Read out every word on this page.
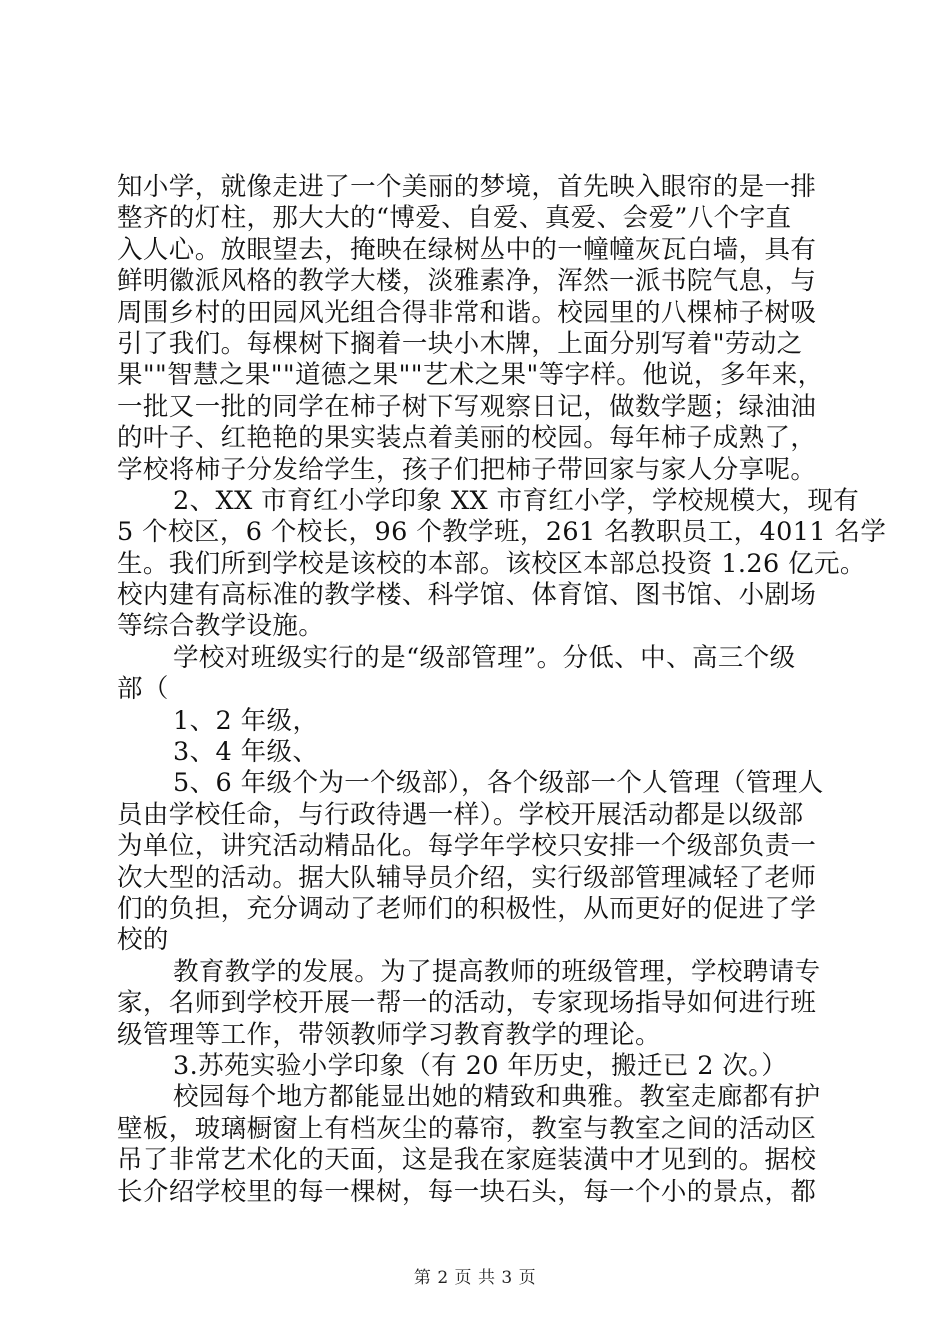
知小学，就像走进了一个美丽的梦境，首先映入眼帘的是一排
整齐的灯柱，那大大的“博爱、自爱、真爱、会爱”八个字直
入人心。放眼望去，掩映在绿树丛中的一幢幢灰瓦白墙，具有
鲜明徽派风格的教学大楼，淡雅素净，浑然一派书院气息，与
周围乡村的田园风光组合得非常和谐。校园里的八棵柿子树吸
引了我们。每棵树下搁着一块小木牌，上面分别写着"劳动之
果""智慧之果""道德之果""艺术之果"等字样。他说，多年来，
一批又一批的同学在柿子树下写观察日记，做数学题；绿油油
的叶子、红艳艳的果实装点着美丽的校园。每年柿子成熟了，
学校将柿子分发给学生，孩子们把柿子带回家与家人分享呢。
2、XX 市育红小学印象 XX 市育红小学，学校规模大，现有
5 个校区，6 个校长，96 个教学班，261 名教职员工，4011 名学
生。我们所到学校是该校的本部。该校区本部总投资 1.26 亿元。
校内建有高标准的教学楼、科学馆、体育馆、图书馆、小剧场
等综合教学设施。
学校对班级实行的是“级部管理”。分低、中、高三个级
部（
1、2 年级，
3、4 年级、
5、6 年级个为一个级部），各个级部一个人管理（管理人
员由学校任命，与行政待遇一样）。学校开展活动都是以级部
为单位，讲究活动精品化。每学年学校只安排一个级部负责一
次大型的活动。据大队辅导员介绍，实行级部管理减轻了老师
们的负担，充分调动了老师们的积极性，从而更好的促进了学
校的
教育教学的发展。为了提高教师的班级管理，学校聘请专
家，名师到学校开展一帮一的活动，专家现场指导如何进行班
级管理等工作，带领教师学习教育教学的理论。
3.苏苑实验小学印象（有 20 年历史，搬迁已 2 次。）
校园每个地方都能显出她的精致和典雅。教室走廊都有护
壁板，玻璃橱窗上有档灰尘的幕帘，教室与教室之间的活动区
吊了非常艺术化的天面，这是我在家庭装潢中才见到的。据校
长介绍学校里的每一棵树，每一块石头，每一个小的景点，都
第 2 页 共 3 页
